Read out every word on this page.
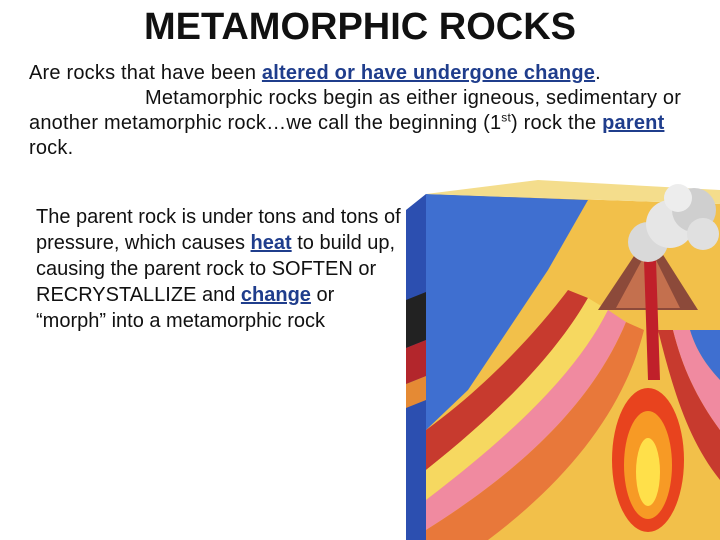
METAMORPHIC ROCKS
Are rocks that have been altered or have undergone change.
Metamorphic rocks begin as either igneous, sedimentary or another metamorphic rock…we call the beginning (1st) rock the parent rock.
The parent rock is under tons and tons of pressure, which causes heat to build up, causing the parent rock to SOFTEN or RECRYSTALLIZE and change or “morph” into a metamorphic rock
